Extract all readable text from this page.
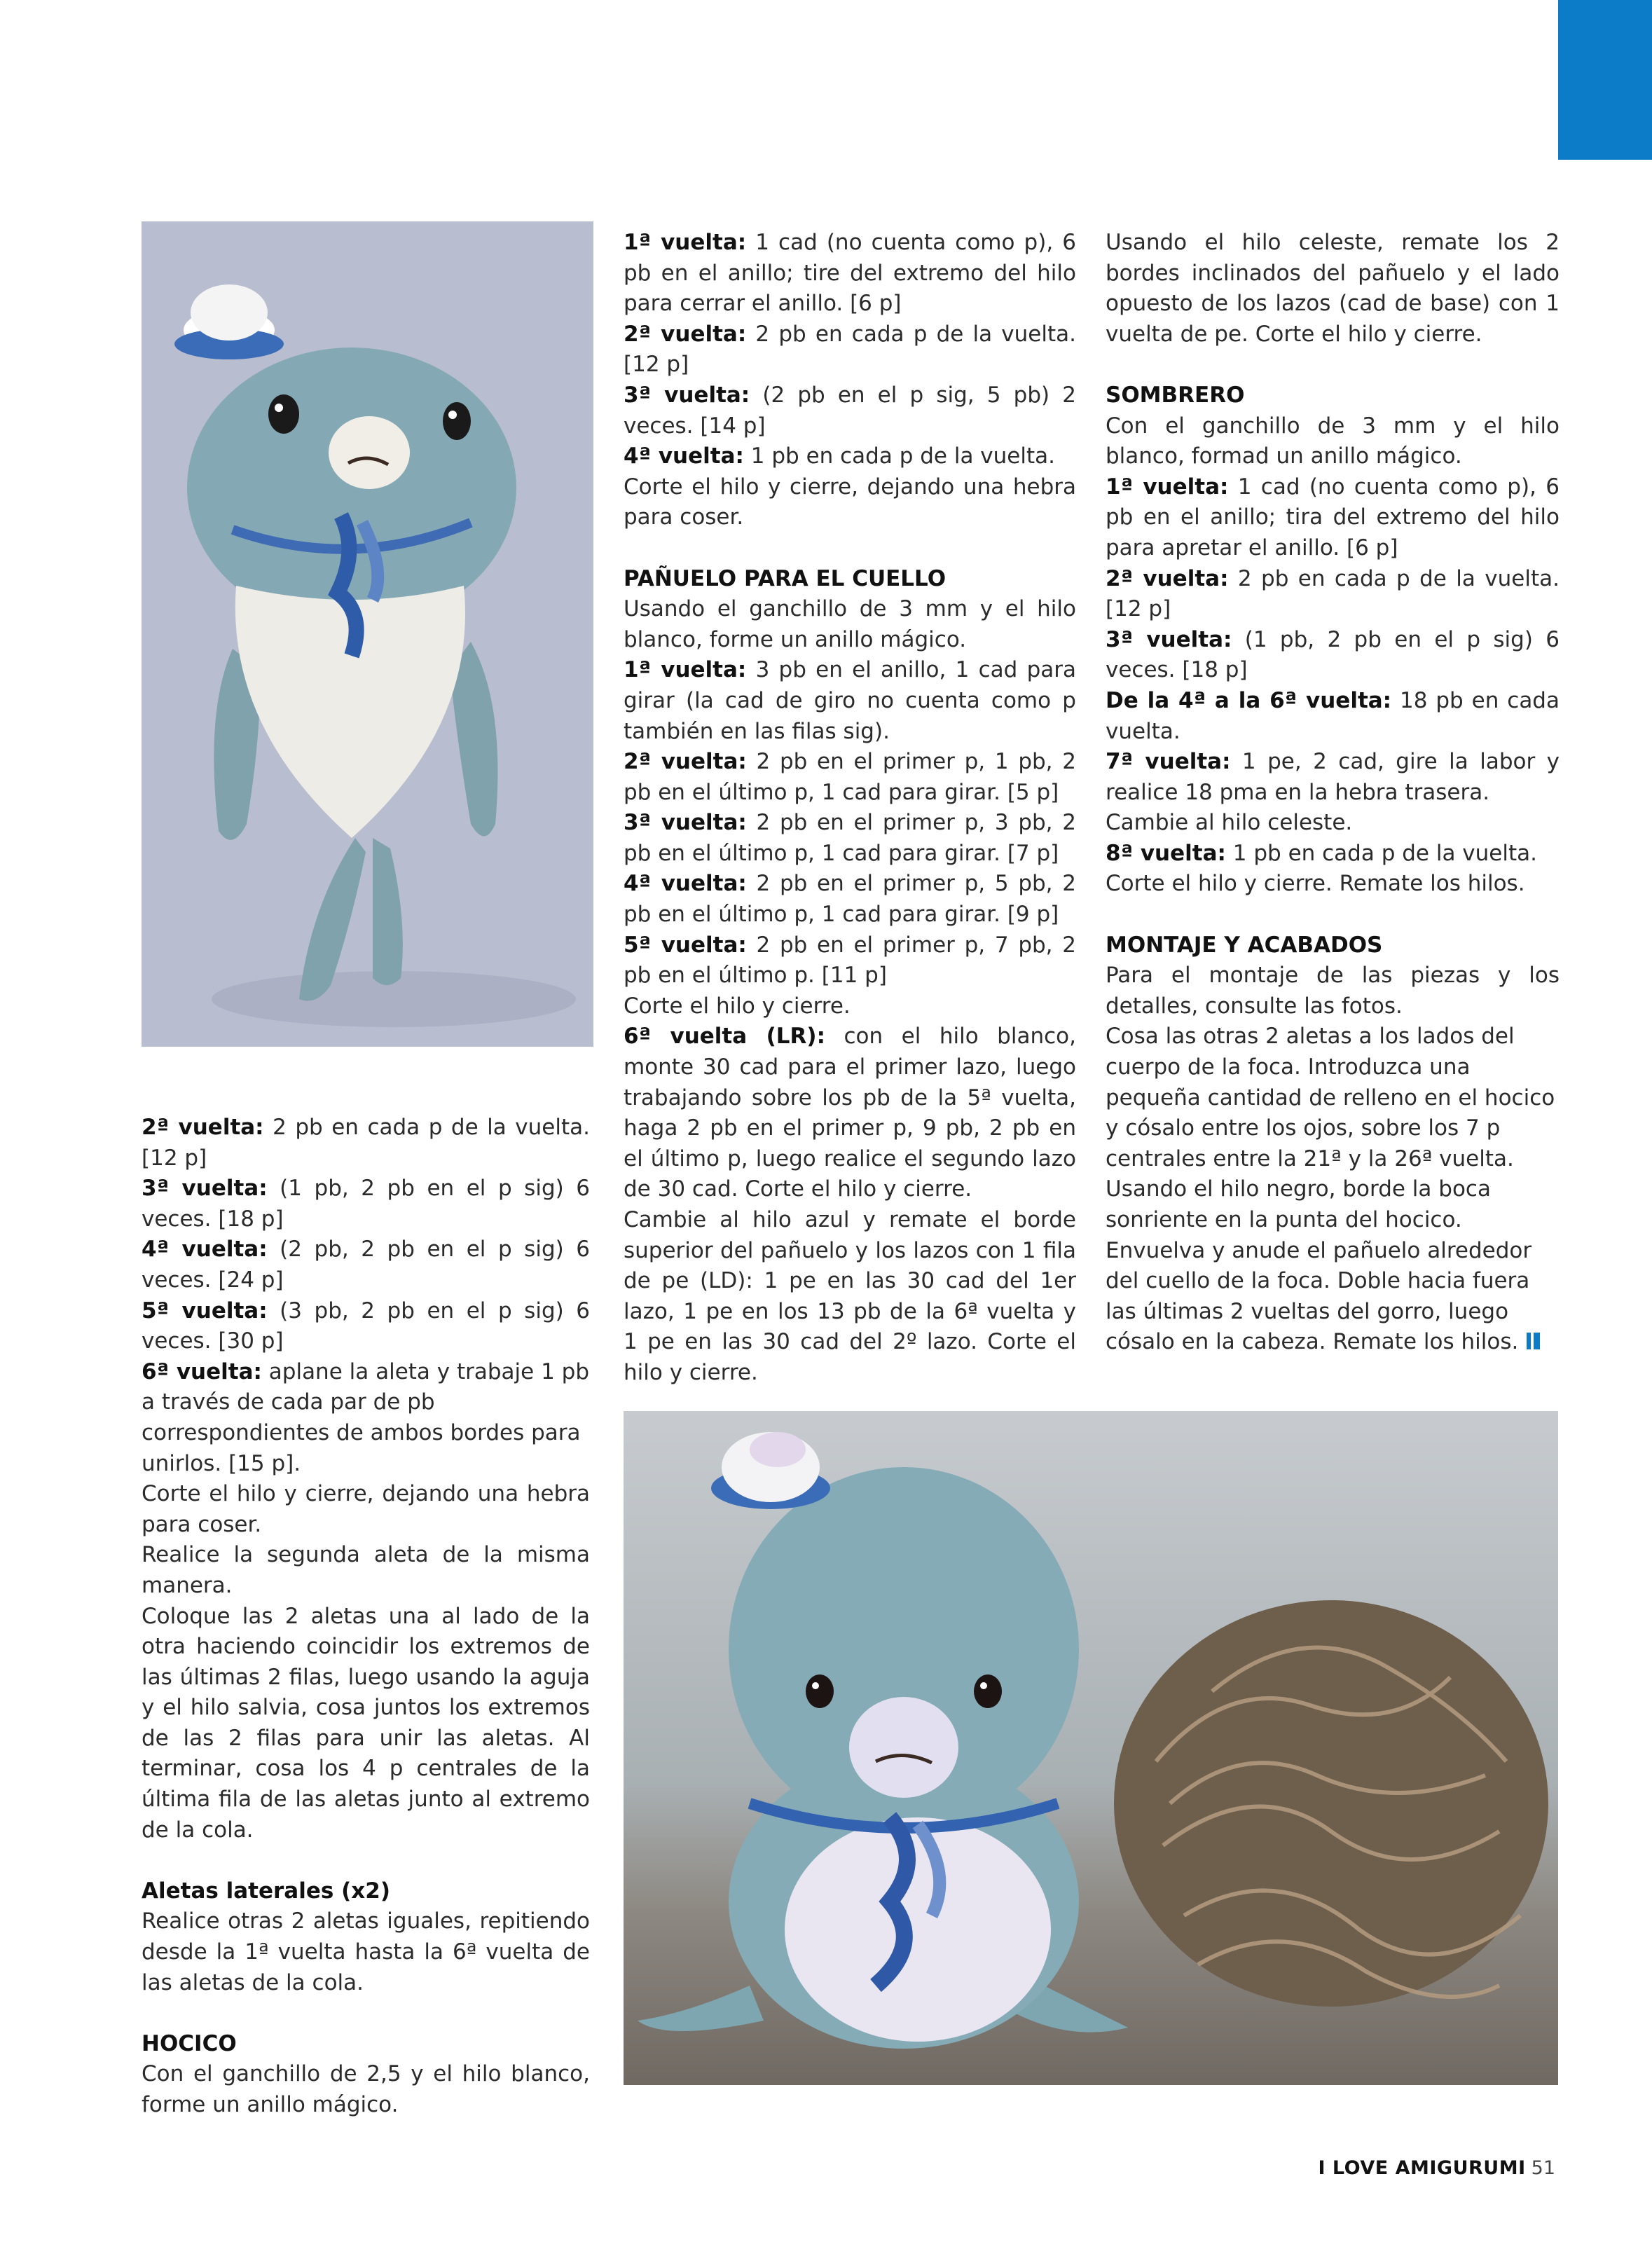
2ª vuelta: 2 pb en cada p de la vuelta. [12 p]

3ª vuelta: (1 pb, 2 pb en el p sig) 6 veces. [18 p]

4ª vuelta: (2 pb, 2 pb en el p sig) 6 veces. [24 p]

5ª vuelta: (3 pb, 2 pb en el p sig) 6 veces. [30 p]

6ª vuelta: aplane la aleta y trabaje 1 pb a través de cada par de pb correspondientes de ambos bordes para unirlos. [15 p].

Corte el hilo y cierre, dejando una hebra para coser.

Realice la segunda aleta de la misma manera.

Coloque las 2 aletas una al lado de la otra haciendo coincidir los extremos de las últimas 2 filas, luego usando la aguja y el hilo salvia, cosa juntos los extremos de las 2 filas para unir las aletas. Al terminar, cosa los 4 p centrales de la última fila de las aletas junto al extremo de la cola.

Aletas laterales (x2)

Realice otras 2 aletas iguales, repitiendo desde la 1ª vuelta hasta la 6ª vuelta de las aletas de la cola.

HOCICO

Con el ganchillo de 2,5 y el hilo blanco, forme un anillo mágico.

1ª vuelta: 1 cad (no cuenta como p), 6 pb en el anillo; tire del extremo del hilo para cerrar el anillo. [6 p]

2ª vuelta: 2 pb en cada p de la vuelta. [12 p]

3ª vuelta: (2 pb en el p sig, 5 pb) 2 veces. [14 p]

4ª vuelta: 1 pb en cada p de la vuelta.

Corte el hilo y cierre, dejando una hebra para coser.

PAÑUELO PARA EL CUELLO

Usando el ganchillo de 3 mm y el hilo blanco, forme un anillo mágico.

1ª vuelta: 3 pb en el anillo, 1 cad para girar (la cad de giro no cuenta como p también en las filas sig).

2ª vuelta: 2 pb en el primer p, 1 pb, 2 pb en el último p, 1 cad para girar. [5 p]

3ª vuelta: 2 pb en el primer p, 3 pb, 2 pb en el último p, 1 cad para girar. [7 p]

4ª vuelta: 2 pb en el primer p, 5 pb, 2 pb en el último p, 1 cad para girar. [9 p]

5ª vuelta: 2 pb en el primer p, 7 pb, 2 pb en el último p. [11 p]

Corte el hilo y cierre.

6ª vuelta (LR): con el hilo blanco, monte 30 cad para el primer lazo, luego trabajando sobre los pb de la 5ª vuelta, haga 2 pb en el primer p, 9 pb, 2 pb en el último p, luego realice el segundo lazo de 30 cad. Corte el hilo y cierre.

Cambie al hilo azul y remate el borde superior del pañuelo y los lazos con 1 fila de pe (LD): 1 pe en las 30 cad del 1er lazo, 1 pe en los 13 pb de la 6ª vuelta y 1 pe en las 30 cad del 2º lazo. Corte el hilo y cierre.

Usando el hilo celeste, remate los 2 bordes inclinados del pañuelo y el lado opuesto de los lazos (cad de base) con 1 vuelta de pe. Corte el hilo y cierre.

SOMBRERO

Con el ganchillo de 3 mm y el hilo blanco, formad un anillo mágico.

1ª vuelta: 1 cad (no cuenta como p), 6 pb en el anillo; tira del extremo del hilo para apretar el anillo. [6 p]

2ª vuelta: 2 pb en cada p de la vuelta. [12 p]

3ª vuelta: (1 pb, 2 pb en el p sig) 6 veces. [18 p]

De la 4ª a la 6ª vuelta: 18 pb en cada vuelta.

7ª vuelta: 1 pe, 2 cad, gire la labor y realice 18 pma en la hebra trasera.

Cambie al hilo celeste.

8ª vuelta: 1 pb en cada p de la vuelta.

Corte el hilo y cierre. Remate los hilos.

MONTAJE Y ACABADOS

Para el montaje de las piezas y los detalles, consulte las fotos.

Cosa las otras 2 aletas a los lados del cuerpo de la foca. Introduzca una pequeña cantidad de relleno en el hocico y cósalo entre los ojos, sobre los 7 p centrales entre la 21ª y la 26ª vuelta. Usando el hilo negro, borde la boca sonriente en la punta del hocico. Envuelva y anude el pañuelo alrededor del cuello de la foca. Doble hacia fuera las últimas 2 vueltas del gorro, luego cósalo en la cabeza. Remate los hilos.

I LOVE AMIGURUMI 51
